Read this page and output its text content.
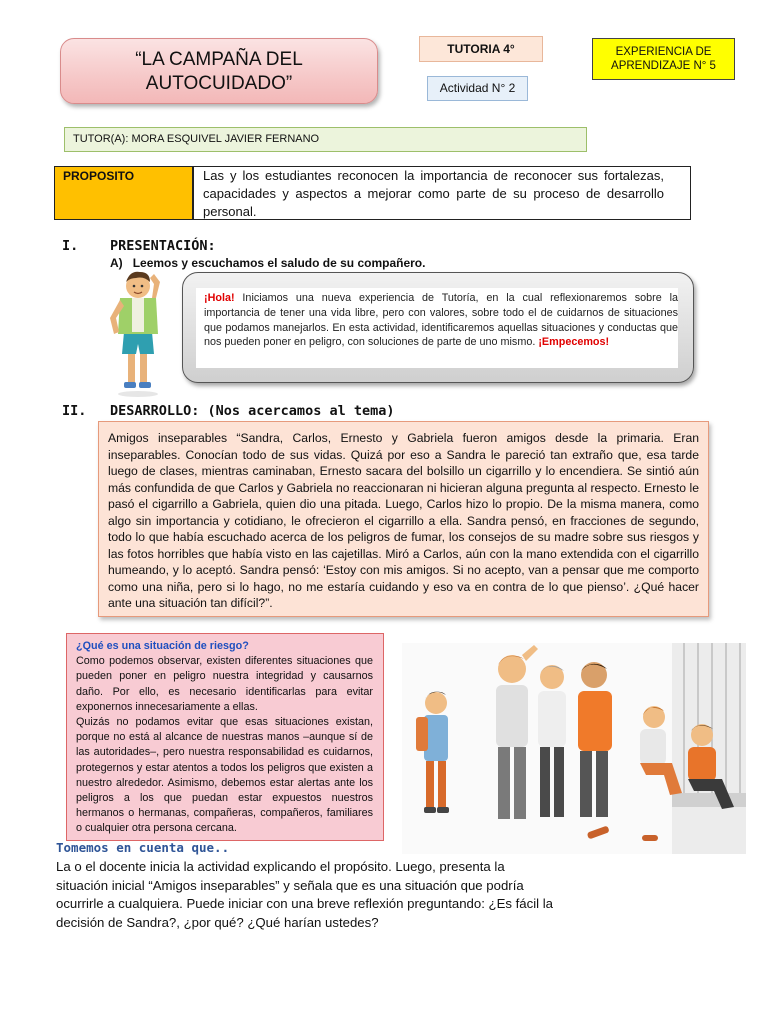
“LA CAMPAÑA DEL AUTOCUIDADO”
TUTORIA 4°
Actividad N° 2
EXPERIENCIA DE APRENDIZAJE N° 5
TUTOR(A): MORA ESQUIVEL JAVIER FERNANO
PROPOSITO	Las y los estudiantes reconocen la importancia de reconocer sus fortalezas, capacidades y aspectos a mejorar como parte de su proceso de desarrollo personal.
I. PRESENTACIÓN:
A) Leemos y escuchamos el saludo de su compañero.
¡Hola! Iniciamos una nueva experiencia de Tutoría, en la cual reflexionaremos sobre la importancia de tener una vida libre, pero con valores, sobre todo el de cuidarnos de situaciones que podamos manejarlos. En esta actividad, identificaremos aquellas situaciones y conductas que nos pueden poner en peligro, con soluciones de parte de uno mismo. ¡Empecemos!
II. DESARROLLO: (Nos acercamos al tema)
Amigos inseparables “Sandra, Carlos, Ernesto y Gabriela fueron amigos desde la primaria. Eran inseparables. Conocían todo de sus vidas. Quizá por eso a Sandra le pareció tan extraño que, esa tarde luego de clases, mientras caminaban, Ernesto sacara del bolsillo un cigarrillo y lo encendiera. Se sintió aún más confundida de que Carlos y Gabriela no reaccionaran ni hicieran alguna pregunta al respecto. Ernesto le pasó el cigarrillo a Gabriela, quien dio una pitada. Luego, Carlos hizo lo propio. De la misma manera, como algo sin importancia y cotidiano, le ofrecieron el cigarrillo a ella. Sandra pensó, en fracciones de segundo, todo lo que había escuchado acerca de los peligros de fumar, los consejos de su madre sobre sus riesgos y las fotos horribles que había visto en las cajetillas. Miró a Carlos, aún con la mano extendida con el cigarrillo humeando, y lo aceptó. Sandra pensó: ‘Estoy con mis amigos. Si no acepto, van a pensar que me comporto como una niña, pero si lo hago, no me estaría cuidando y eso va en contra de lo que pienso’. ¿Qué hacer ante una situación tan difícil?”.
¿Qué es una situación de riesgo?
Como podemos observar, existen diferentes situaciones que pueden poner en peligro nuestra integridad y causarnos daño. Por ello, es necesario identificarlas para evitar exponernos innecesariamente a ellas.
Quizás no podamos evitar que esas situaciones existan, porque no está al alcance de nuestras manos –aunque sí de las autoridades–, pero nuestra responsabilidad es cuidarnos, protegernos y estar atentos a todos los peligros que existen a nuestro alrededor. Asimismo, debemos estar alertas ante los peligros a los que puedan estar expuestos nuestros hermanos o hermanas, compañeras, compañeros, familiares o cualquier otra persona cercana.
Tomemos en cuenta que..
La o el docente inicia la actividad explicando el propósito. Luego, presenta la situación inicial “Amigos inseparables” y señala que es una situación que podría ocurrirle a cualquiera. Puede iniciar con una breve reflexión preguntando: ¿Es fácil la decisión de Sandra?, ¿por qué? ¿Qué harían ustedes?
